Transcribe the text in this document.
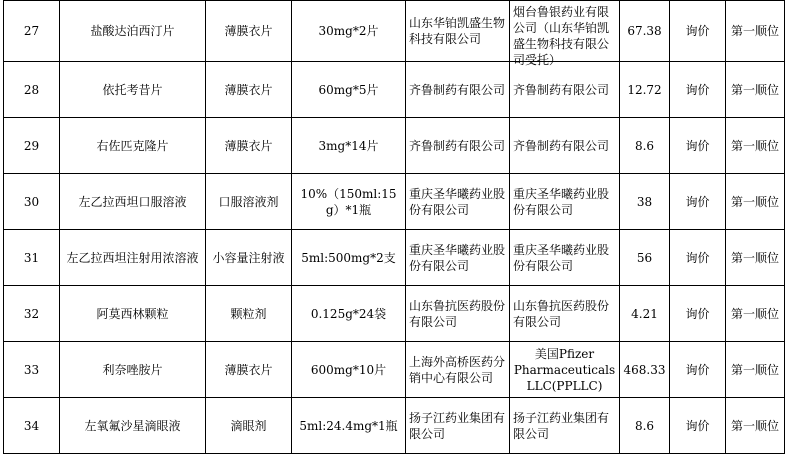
27	盐酸达泊西汀片	薄膜衣片	30mg*2片	山东华铂凯盛生物科技有限公司	烟台鲁银药业有限公司（山东华铂凯盛生物科技有限公司受托）	67.38	询价	第一顺位
28	依托考昔片	薄膜衣片	60mg*5片	齐鲁制药有限公司	齐鲁制药有限公司	12.72	询价	第一顺位
29	右佐匹克隆片	薄膜衣片	3mg*14片	齐鲁制药有限公司	齐鲁制药有限公司	8.6	询价	第一顺位
30	左乙拉西坦口服溶液	口服溶液剂	10%（150ml:15g）*1瓶	重庆圣华曦药业股份有限公司	重庆圣华曦药业股份有限公司	38	询价	第一顺位
31	左乙拉西坦注射用浓溶液	小容量注射液	5ml:500mg*2支	重庆圣华曦药业股份有限公司	重庆圣华曦药业股份有限公司	56	询价	第一顺位
32	阿莫西林颗粒	颗粒剂	0.125g*24袋	山东鲁抗医药股份有限公司	山东鲁抗医药股份有限公司	4.21	询价	第一顺位
33	利奈唑胺片	薄膜衣片	600mg*10片	上海外高桥医药分销中心有限公司	美国Pfizer Pharmaceuticals LLC(PPLLC)	468.33	询价	第一顺位
34	左氧氟沙星滴眼液	滴眼剂	5ml:24.4mg*1瓶	扬子江药业集团有限公司	扬子江药业集团有限公司	8.6	询价	第一顺位
